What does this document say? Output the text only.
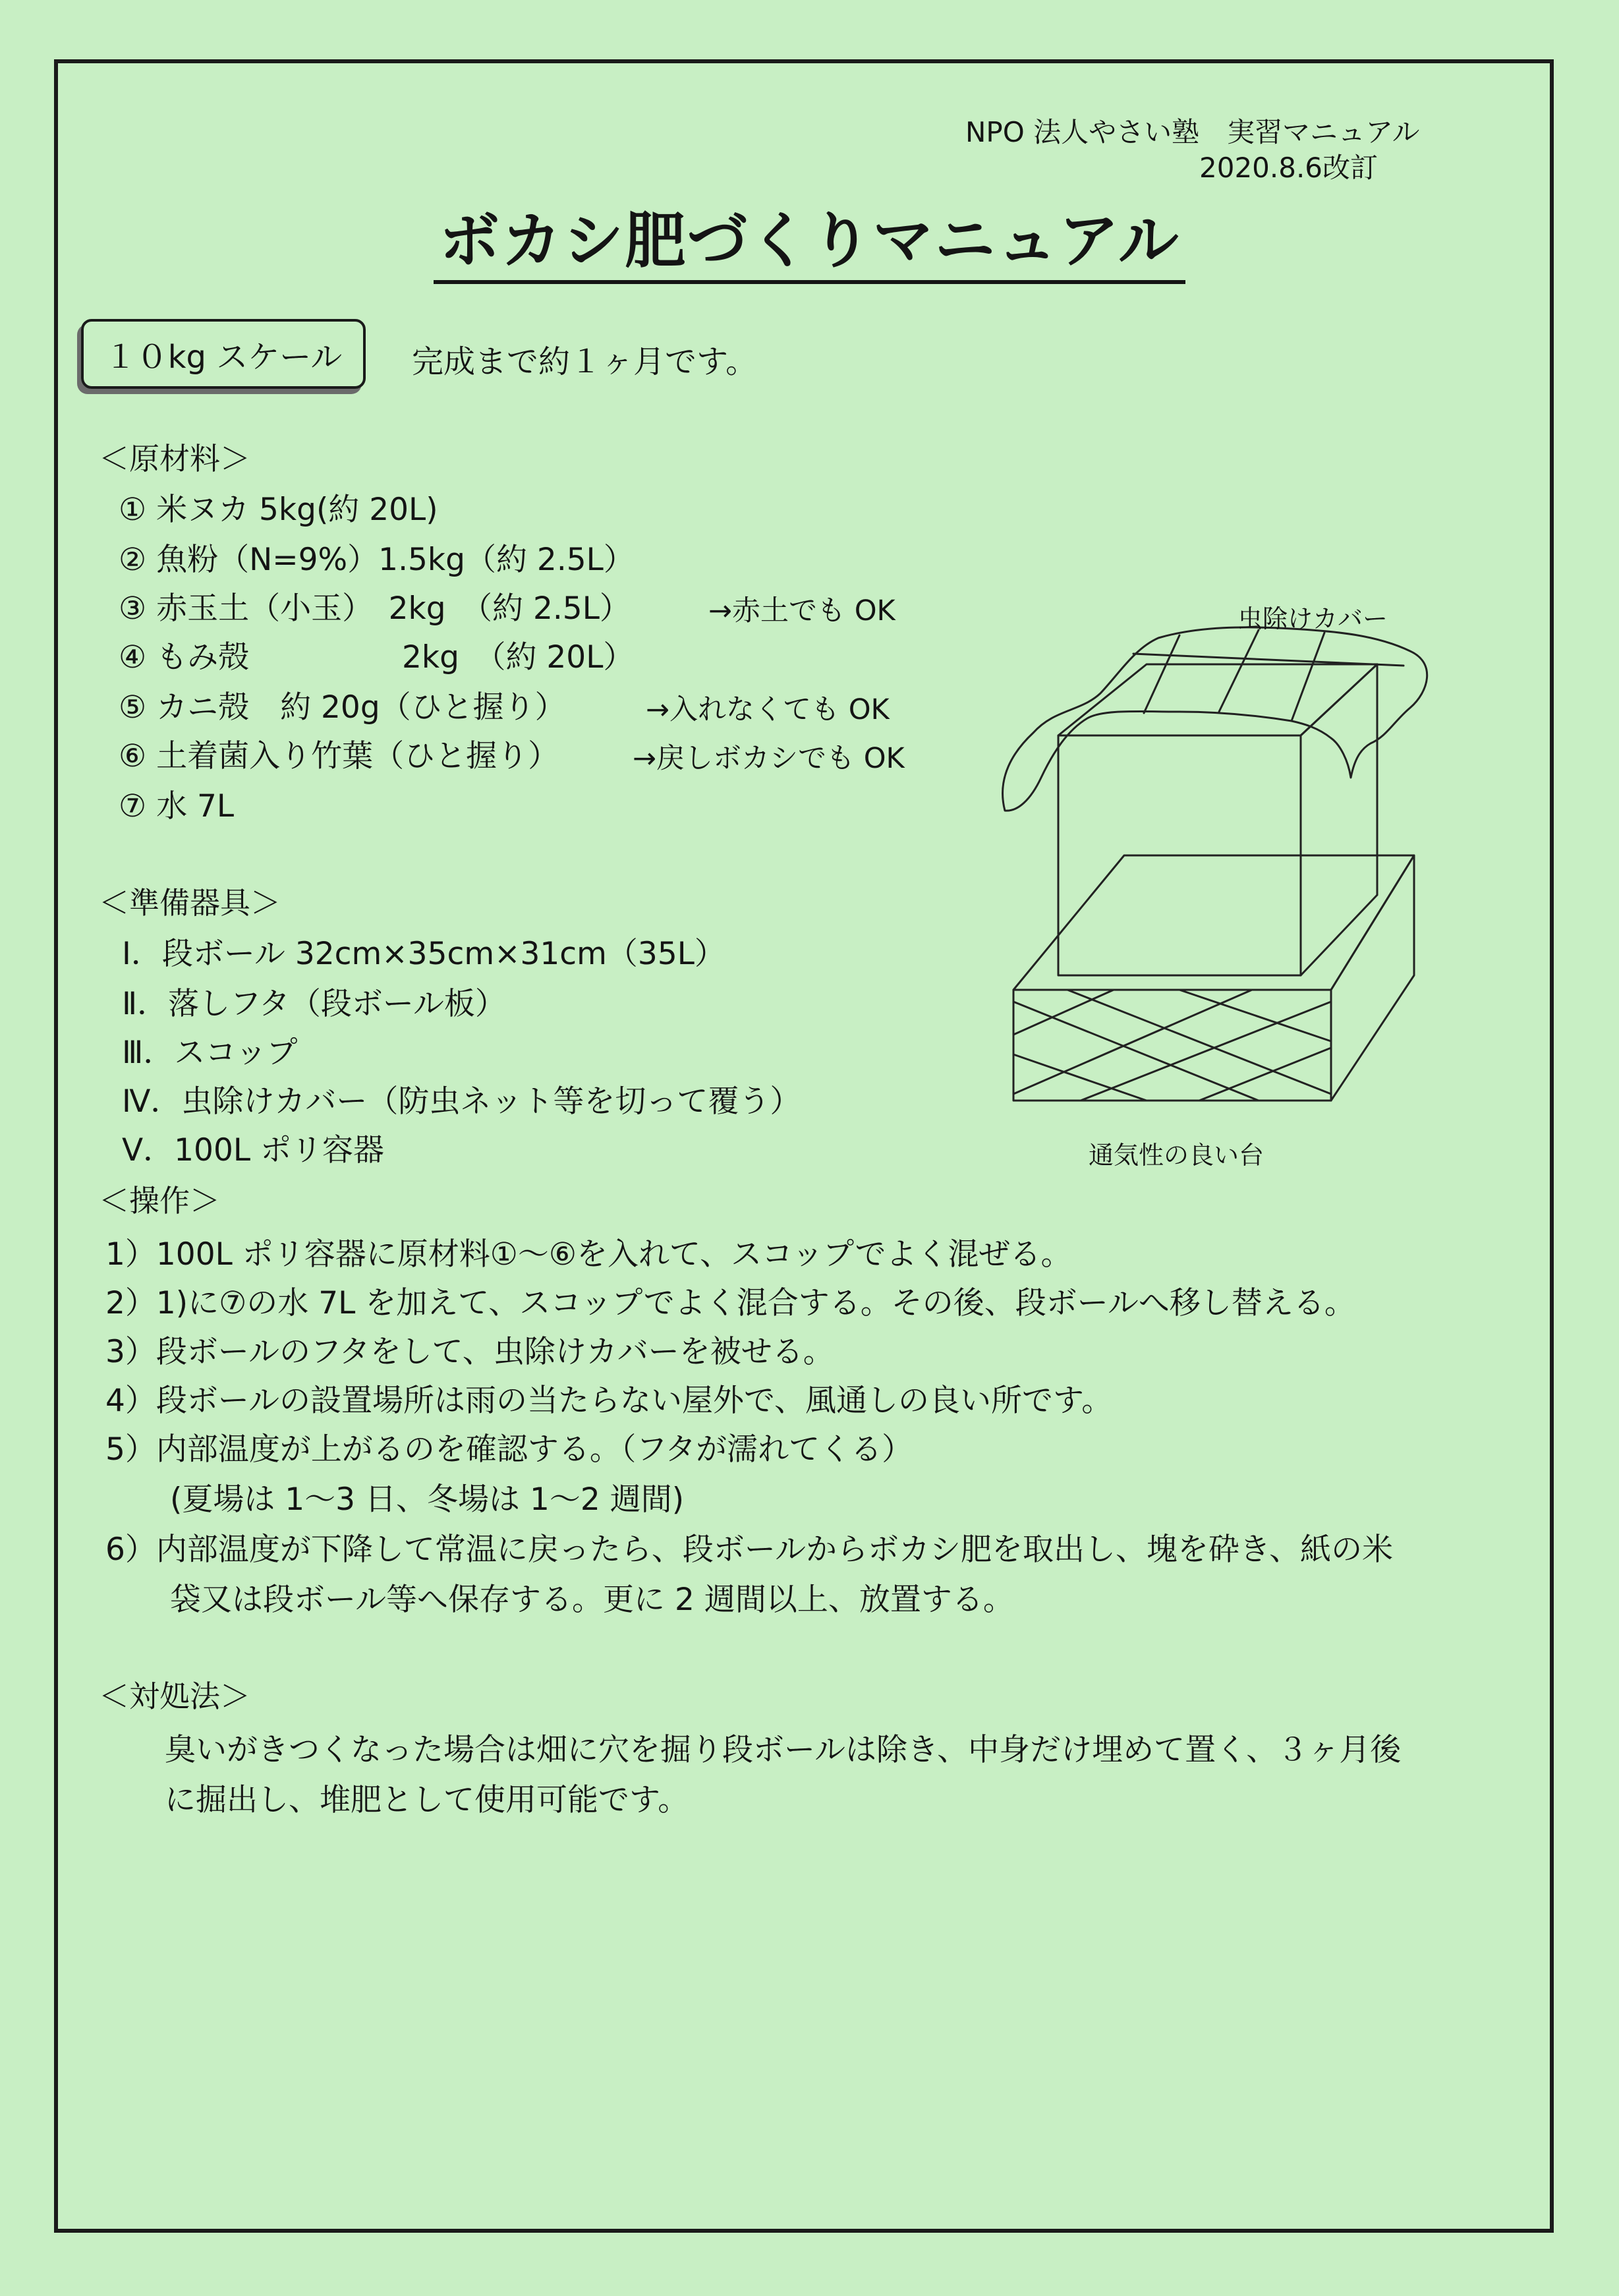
NPO 法人やさい塾　実習マニュアル
2020.8.6改訂
ボカシ肥づくりマニュアル
１０kg スケール	完成まで約１ヶ月です。
＜原材料＞
① 米ヌカ 5kg(約 20L)
② 魚粉（N=9%）1.5kg（約 2.5L）
③ 赤玉土（小玉）　2kg　（約 2.5L）	→赤土でも OK
④ もみ殻	2kg　（約 20L）
⑤ カニ殻　約 20g（ひと握り）	→入れなくても OK
⑥ 土着菌入り竹葉（ひと握り）	→戻しボカシでも OK
⑦ 水 7L
＜準備器具＞
Ⅰ．段ボール 32cm×35cm×31cm（35L）
Ⅱ．落しフタ（段ボール板）
Ⅲ．スコップ
Ⅳ．虫除けカバー（防虫ネット等を切って覆う）
Ⅴ．100L ポリ容器
虫除けカバー
通気性の良い台
＜操作＞
1）100L ポリ容器に原材料①～⑥を入れて、スコップでよく混ぜる。
2）1)に⑦の水 7L を加えて、スコップでよく混合する。その後、段ボールへ移し替える。
3）段ボールのフタをして、虫除けカバーを被せる。
4）段ボールの設置場所は雨の当たらない屋外で、風通しの良い所です。
5）内部温度が上がるのを確認する。（フタが濡れてくる）
(夏場は 1～3 日、冬場は 1～2 週間)
6）内部温度が下降して常温に戻ったら、段ボールからボカシ肥を取出し、塊を砕き、紙の米
袋又は段ボール等へ保存する。更に 2 週間以上、放置する。
＜対処法＞
臭いがきつくなった場合は畑に穴を掘り段ボールは除き、中身だけ埋めて置く、３ヶ月後
に掘出し、堆肥として使用可能です。
